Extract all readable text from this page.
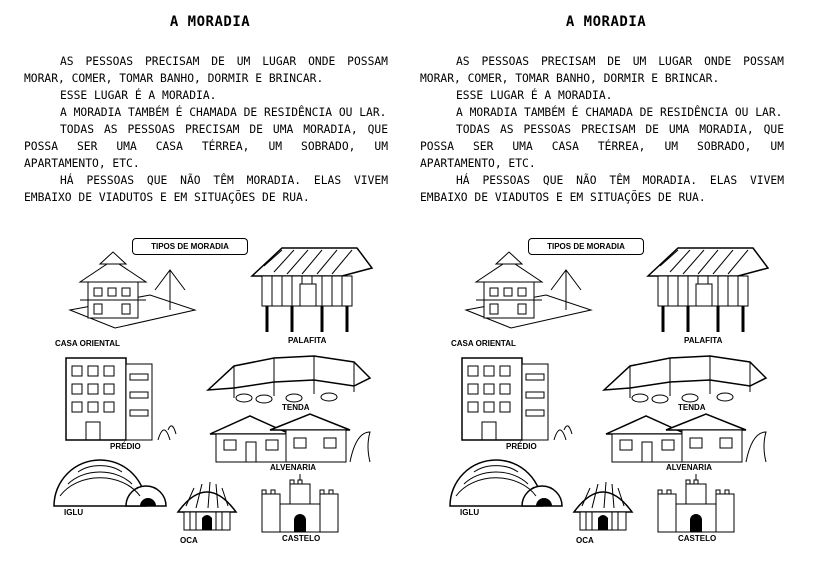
A MORADIA

AS PESSOAS PRECISAM DE UM LUGAR ONDE POSSAM MORAR, COMER, TOMAR BANHO, DORMIR E BRINCAR.

ESSE LUGAR É A MORADIA.

A MORADIA TAMBÉM É CHAMADA DE RESIDÊNCIA OU LAR.

TODAS AS PESSOAS PRECISAM DE UMA MORADIA, QUE POSSA SER UMA CASA TÉRREA, UM SOBRADO, UM APARTAMENTO, ETC.

HÁ PESSOAS QUE NÃO TÊM MORADIA. ELAS VIVEM EMBAIXO DE VIADUTOS E EM SITUAÇÕES DE RUA.

TIPOS DE MORADIA
CASA ORIENTAL	PALAFITA
PRÉDIO
TENDA
ALVENARIA
IGLU
OCA	CASTELO
A MORADIA

AS PESSOAS PRECISAM DE UM LUGAR ONDE POSSAM MORAR, COMER, TOMAR BANHO, DORMIR E BRINCAR.

ESSE LUGAR É A MORADIA.

A MORADIA TAMBÉM É CHAMADA DE RESIDÊNCIA OU LAR.

TODAS AS PESSOAS PRECISAM DE UMA MORADIA, QUE POSSA SER UMA CASA TÉRREA, UM SOBRADO, UM APARTAMENTO, ETC.

HÁ PESSOAS QUE NÃO TÊM MORADIA. ELAS VIVEM EMBAIXO DE VIADUTOS E EM SITUAÇÕES DE RUA.

TIPOS DE MORADIA
CASA ORIENTAL	PALAFITA
PRÉDIO
TENDA
ALVENARIA
IGLU
OCA	CASTELO
